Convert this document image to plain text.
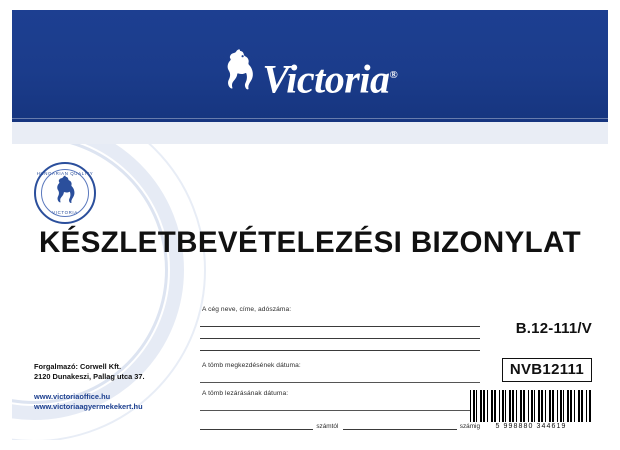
Victoria®
HUNGARIAN QUALITY
VICTORIA
KÉSZLETBEVÉTELEZÉSI BIZONYLAT
A cég neve, címe, adószáma:
A tömb megkezdésének dátuma:
A tömb lezárásának dátuma:
számtól	számig
B.12-111/V
NVB12111
5 998880 344619
Forgalmazó: Corwell Kft.
2120 Dunakeszi, Pallag utca 37.
www.victoriaoffice.hu
www.victoriaagyermekekert.hu
